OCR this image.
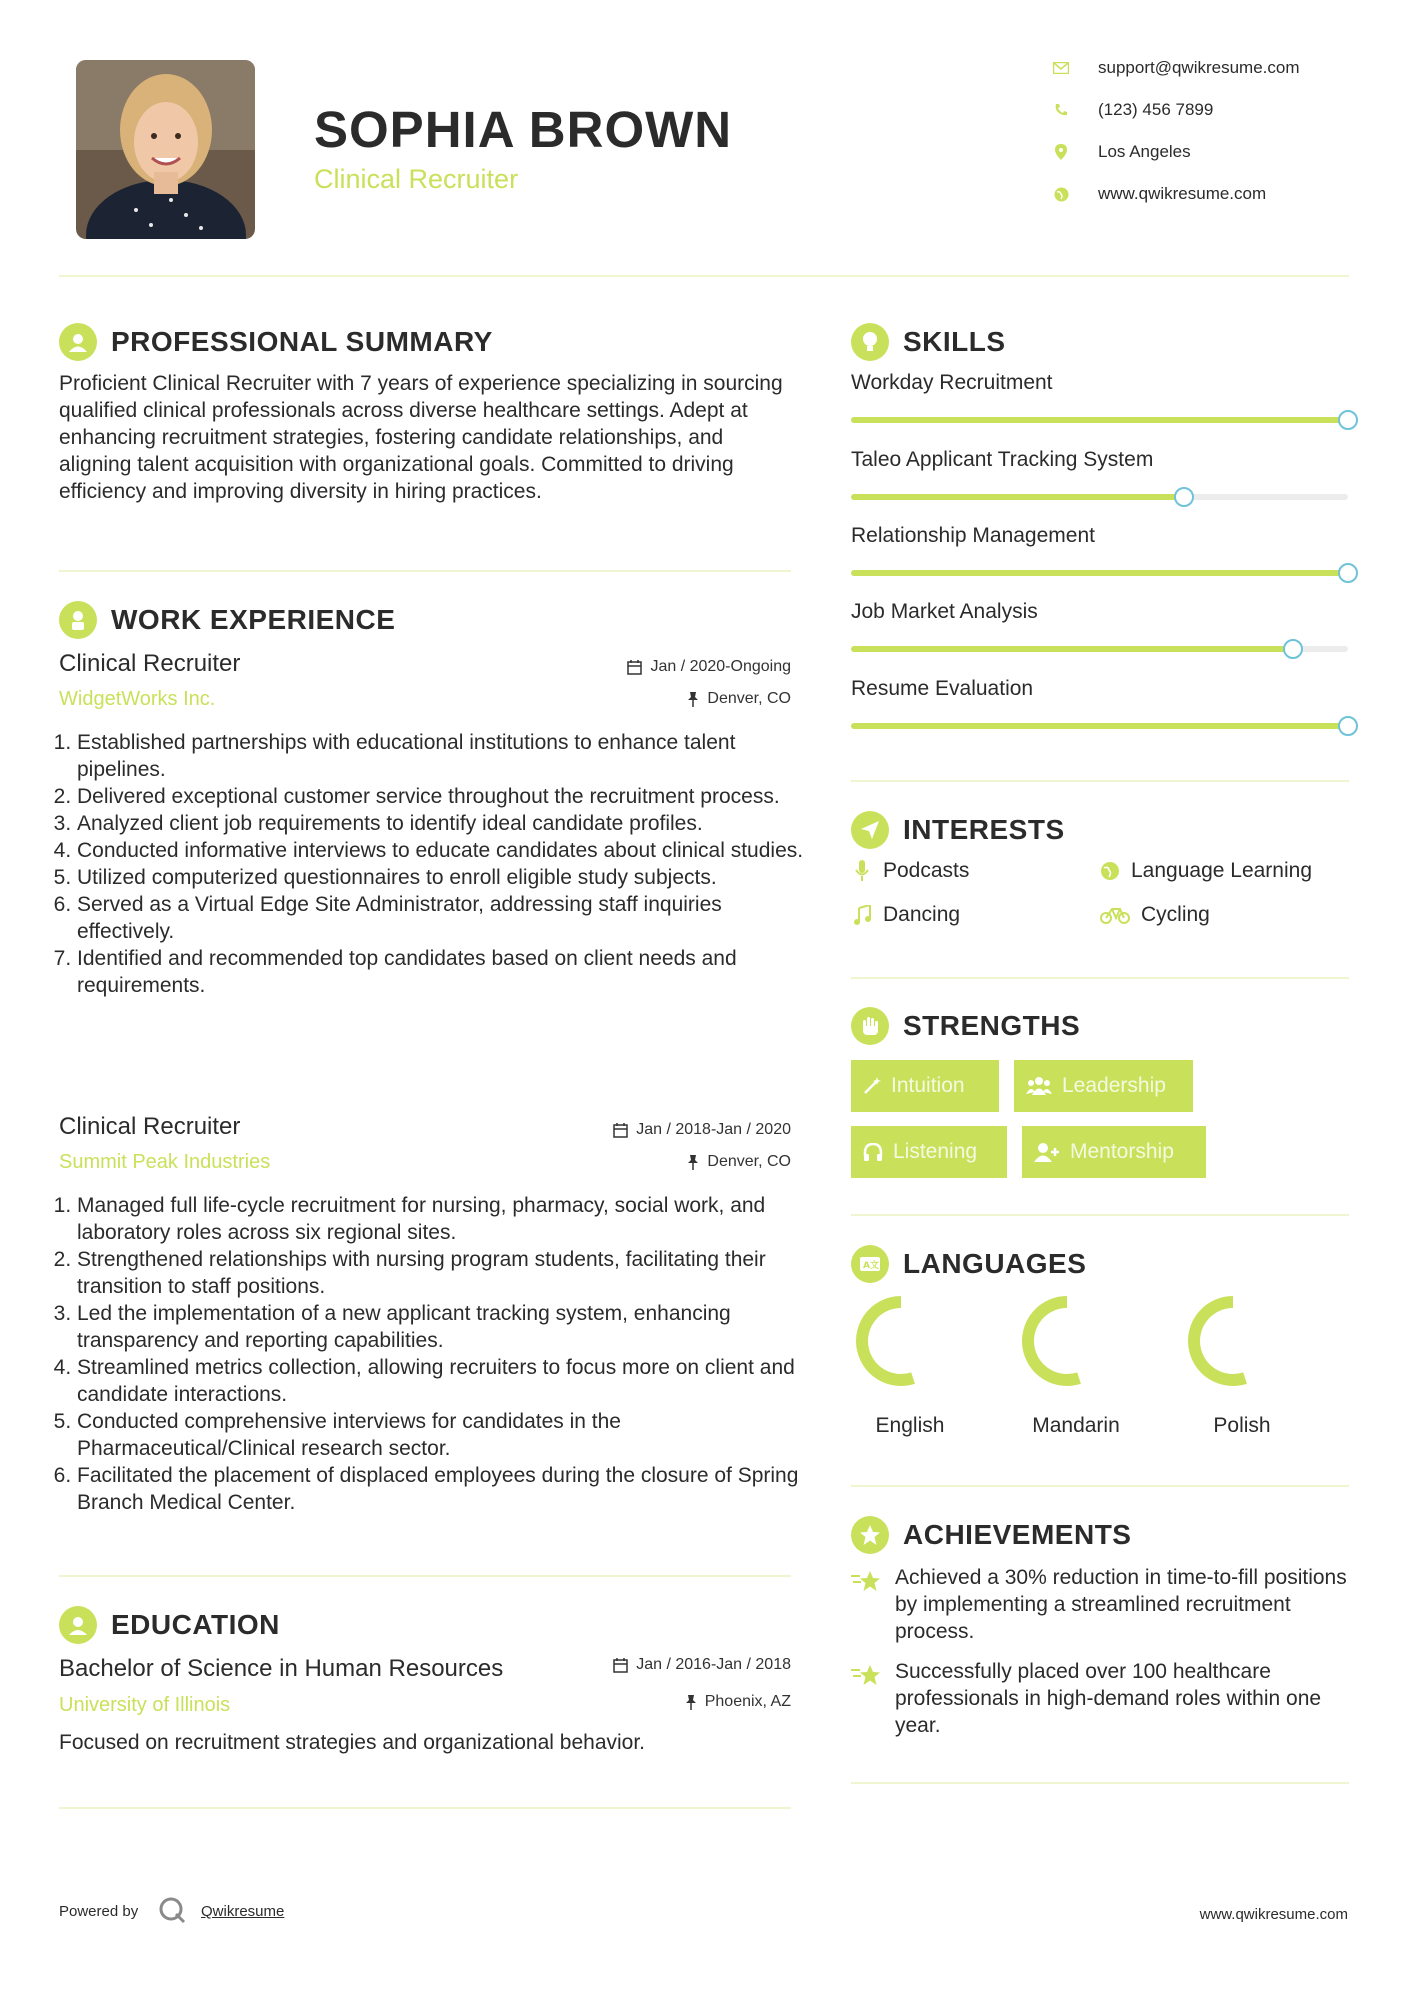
SOPHIA BROWN
Clinical Recruiter
support@qwikresume.com
(123) 456 7899
Los Angeles
www.qwikresume.com
PROFESSIONAL SUMMARY
Proficient Clinical Recruiter with 7 years of experience specializing in sourcing qualified clinical professionals across diverse healthcare settings. Adept at enhancing recruitment strategies, fostering candidate relationships, and aligning talent acquisition with organizational goals. Committed to driving efficiency and improving diversity in hiring practices.
WORK EXPERIENCE
Clinical Recruiter	Jan / 2020-Ongoing
WidgetWorks Inc.	Denver, CO
1. Established partnerships with educational institutions to enhance talent pipelines.
2. Delivered exceptional customer service throughout the recruitment process.
3. Analyzed client job requirements to identify ideal candidate profiles.
4. Conducted informative interviews to educate candidates about clinical studies.
5. Utilized computerized questionnaires to enroll eligible study subjects.
6. Served as a Virtual Edge Site Administrator, addressing staff inquiries effectively.
7. Identified and recommended top candidates based on client needs and requirements.
Clinical Recruiter	Jan / 2018-Jan / 2020
Summit Peak Industries	Denver, CO
1. Managed full life-cycle recruitment for nursing, pharmacy, social work, and laboratory roles across six regional sites.
2. Strengthened relationships with nursing program students, facilitating their transition to staff positions.
3. Led the implementation of a new applicant tracking system, enhancing transparency and reporting capabilities.
4. Streamlined metrics collection, allowing recruiters to focus more on client and candidate interactions.
5. Conducted comprehensive interviews for candidates in the Pharmaceutical/Clinical research sector.
6. Facilitated the placement of displaced employees during the closure of Spring Branch Medical Center.
EDUCATION
Bachelor of Science in Human Resources	Jan / 2016-Jan / 2018
University of Illinois	Phoenix, AZ
Focused on recruitment strategies and organizational behavior.
SKILLS
Workday Recruitment
Taleo Applicant Tracking System
Relationship Management
Job Market Analysis
Resume Evaluation
INTERESTS
Podcasts	Language Learning
Dancing	Cycling
STRENGTHS
Intuition	Leadership
Listening	Mentorship
A文 LANGUAGES
English	Mandarin	Polish
ACHIEVEMENTS
Achieved a 30% reduction in time-to-fill positions by implementing a streamlined recruitment process.
Successfully placed over 100 healthcare professionals in high-demand roles within one year.
Powered by	Qwikresume	www.qwikresume.com
